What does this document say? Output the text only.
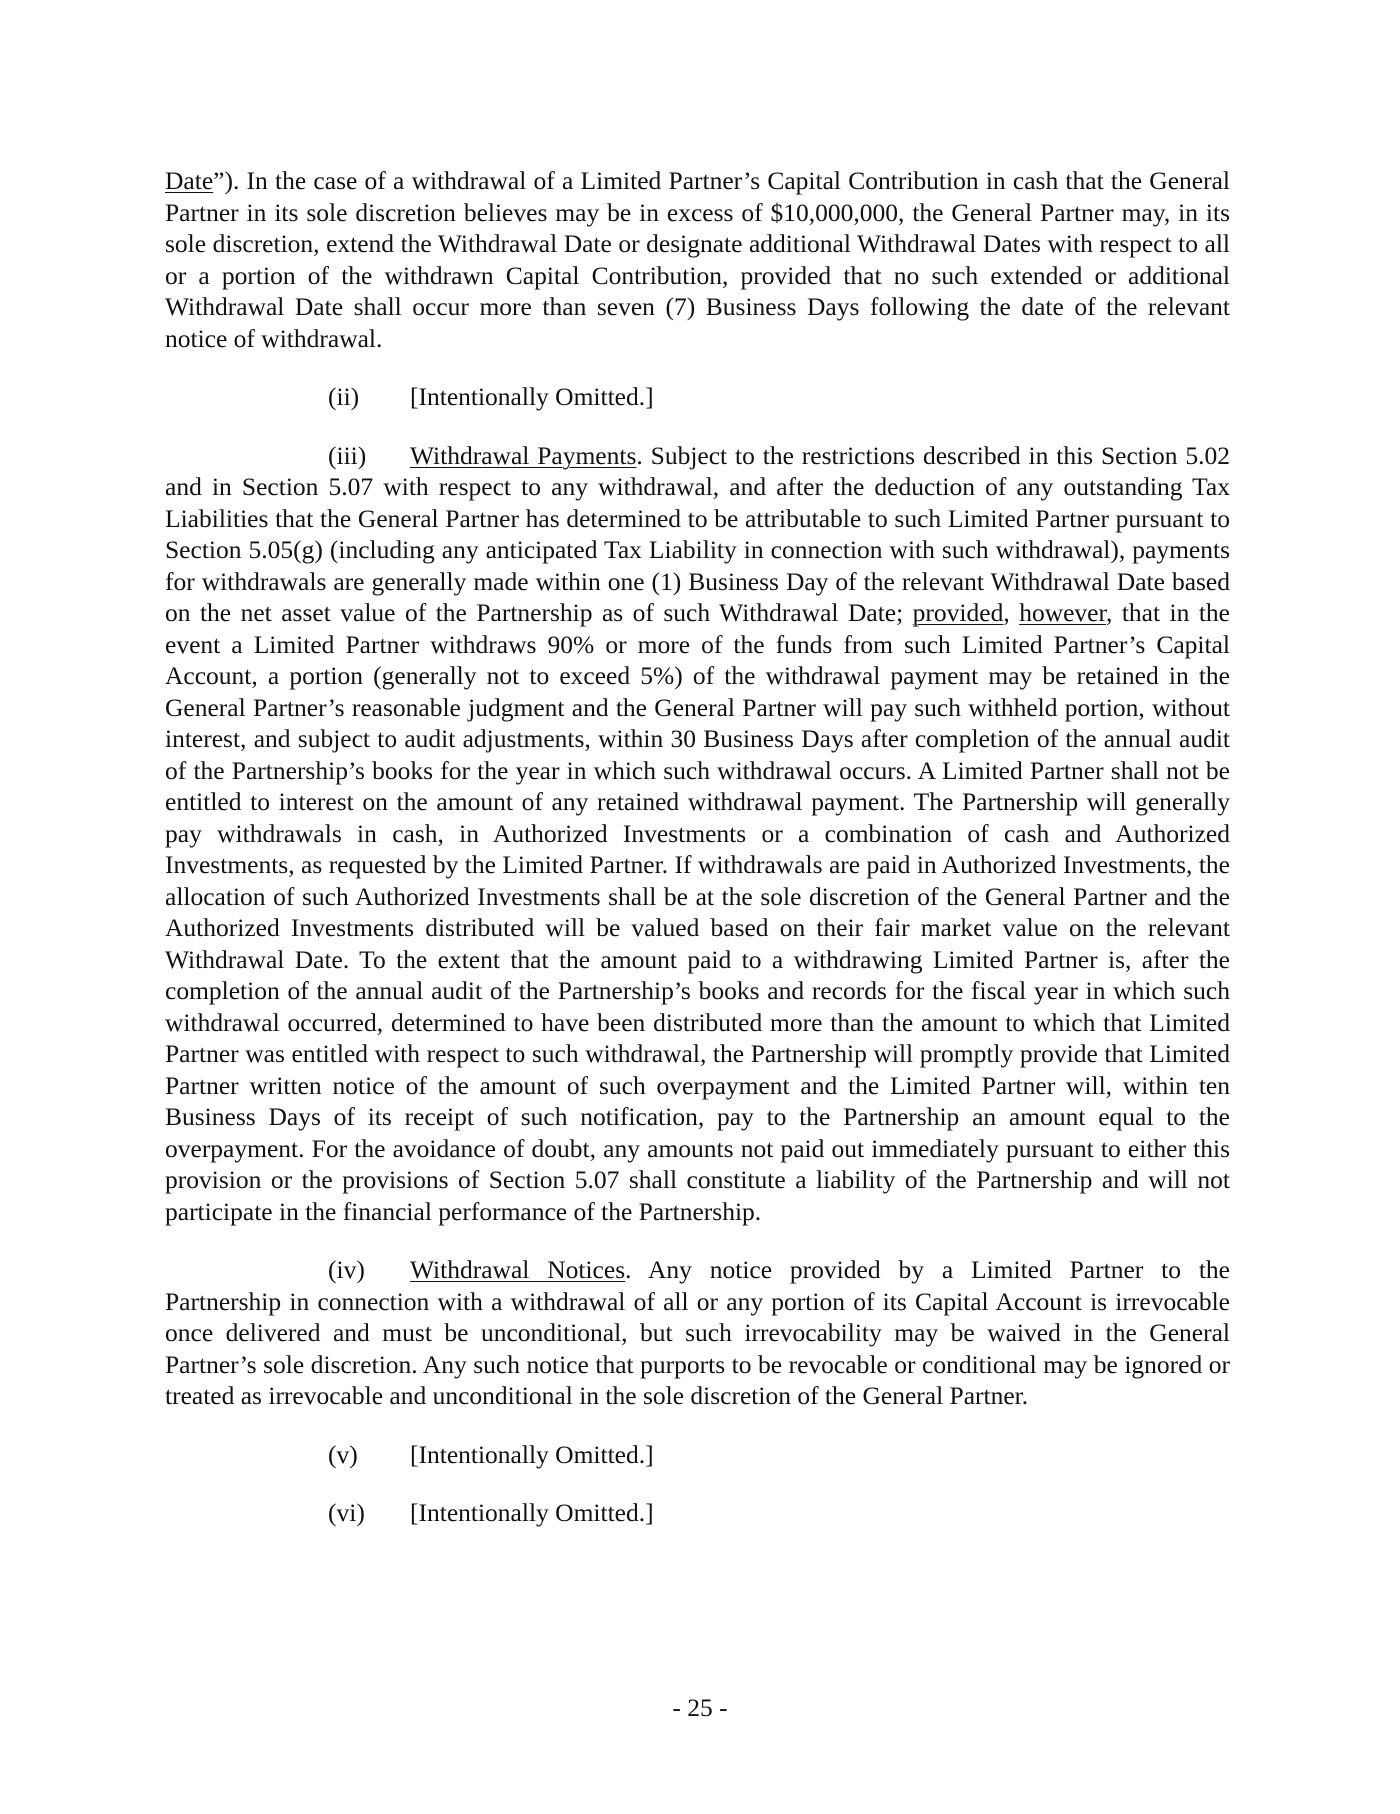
Date”). In the case of a withdrawal of a Limited Partner’s Capital Contribution in cash that the General Partner in its sole discretion believes may be in excess of $10,000,000, the General Partner may, in its sole discretion, extend the Withdrawal Date or designate additional Withdrawal Dates with respect to all or a portion of the withdrawn Capital Contribution, provided that no such extended or additional Withdrawal Date shall occur more than seven (7) Business Days following the date of the relevant notice of withdrawal.

(ii) [Intentionally Omitted.]

(iii) Withdrawal Payments. Subject to the restrictions described in this Section 5.02 and in Section 5.07 with respect to any withdrawal, and after the deduction of any outstanding Tax Liabilities that the General Partner has determined to be attributable to such Limited Partner pursuant to Section 5.05(g) (including any anticipated Tax Liability in connection with such withdrawal), payments for withdrawals are generally made within one (1) Business Day of the relevant Withdrawal Date based on the net asset value of the Partnership as of such Withdrawal Date; provided, however, that in the event a Limited Partner withdraws 90% or more of the funds from such Limited Partner’s Capital Account, a portion (generally not to exceed 5%) of the withdrawal payment may be retained in the General Partner’s reasonable judgment and the General Partner will pay such withheld portion, without interest, and subject to audit adjustments, within 30 Business Days after completion of the annual audit of the Partnership’s books for the year in which such withdrawal occurs. A Limited Partner shall not be entitled to interest on the amount of any retained withdrawal payment. The Partnership will generally pay withdrawals in cash, in Authorized Investments or a combination of cash and Authorized Investments, as requested by the Limited Partner. If withdrawals are paid in Authorized Investments, the allocation of such Authorized Investments shall be at the sole discretion of the General Partner and the Authorized Investments distributed will be valued based on their fair market value on the relevant Withdrawal Date. To the extent that the amount paid to a withdrawing Limited Partner is, after the completion of the annual audit of the Partnership’s books and records for the fiscal year in which such withdrawal occurred, determined to have been distributed more than the amount to which that Limited Partner was entitled with respect to such withdrawal, the Partnership will promptly provide that Limited Partner written notice of the amount of such overpayment and the Limited Partner will, within ten Business Days of its receipt of such notification, pay to the Partnership an amount equal to the overpayment. For the avoidance of doubt, any amounts not paid out immediately pursuant to either this provision or the provisions of Section 5.07 shall constitute a liability of the Partnership and will not participate in the financial performance of the Partnership.

(iv) Withdrawal Notices. Any notice provided by a Limited Partner to the Partnership in connection with a withdrawal of all or any portion of its Capital Account is irrevocable once delivered and must be unconditional, but such irrevocability may be waived in the General Partner’s sole discretion. Any such notice that purports to be revocable or conditional may be ignored or treated as irrevocable and unconditional in the sole discretion of the General Partner.

(v) [Intentionally Omitted.]
(vi) [Intentionally Omitted.]
- 25 -
